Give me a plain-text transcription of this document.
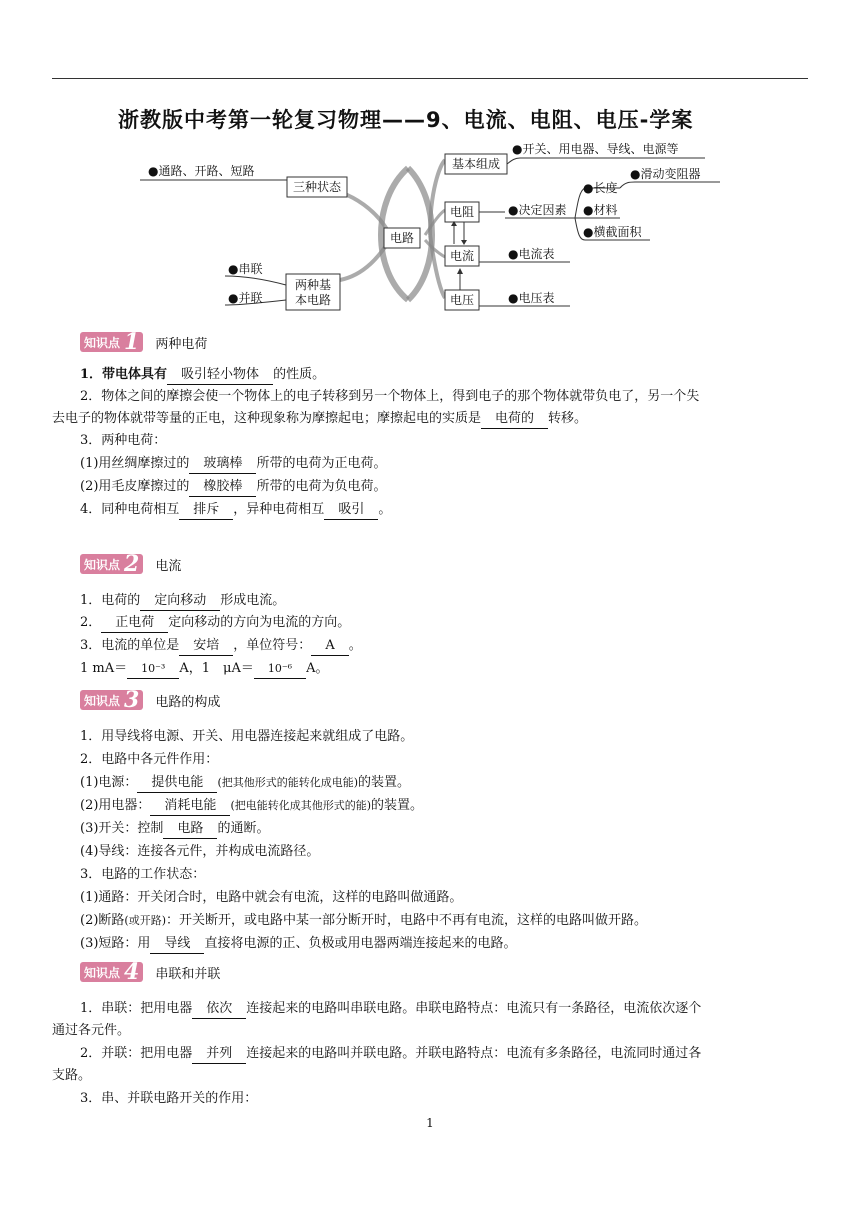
浙教版中考第一轮复习物理——9、电流、电阻、电压-学案
电路
三种状态
●通路、开路、短路
两种基
本电路
●串联
●并联
基本组成
●开关、用电器、导线、电源等
电阻	●决定因素
●长度
●滑动变阻器
●材料
●横截面积
电流	●电流表
电压	●电压表
知识点 1 两种电荷
1．带电体具有 吸引轻小物体 的性质。
2．物体之间的摩擦会使一个物体上的电子转移到另一个物体上，得到电子的那个物体就带负电了，另一个失
去电子的物体就带等量的正电，这种现象称为摩擦起电；摩擦起电的实质是 电荷的 转移。
3．两种电荷：
(1)用丝绸摩擦过的 玻璃棒 所带的电荷为正电荷。
(2)用毛皮摩擦过的 橡胶棒 所带的电荷为负电荷。
4．同种电荷相互 排斥 ，异种电荷相互 吸引 。
知识点 2 电流
1．电荷的 定向移动 形成电流。
2． 正电荷 定向移动的方向为电流的方向。
3．电流的单位是 安培 ，单位符号： A 。
1 mA＝ 10⁻³ A，1　μA＝ 10⁻⁶ A。
知识点 3 电路的构成
1．用导线将电源、开关、用电器连接起来就组成了电路。
2．电路中各元件作用：
(1)电源： 提供电能 (把其他形式的能转化成电能)的装置。
(2)用电器： 消耗电能 (把电能转化成其他形式的能)的装置。
(3)开关：控制 电路 的通断。
(4)导线：连接各元件，并构成电流路径。
3．电路的工作状态：
(1)通路：开关闭合时，电路中就会有电流，这样的电路叫做通路。
(2)断路(或开路)：开关断开，或电路中某一部分断开时，电路中不再有电流，这样的电路叫做开路。
(3)短路：用 导线 直接将电源的正、负极或用电器两端连接起来的电路。
知识点 4 串联和并联
1．串联：把用电器 依次 连接起来的电路叫串联电路。串联电路特点：电流只有一条路径，电流依次逐个
通过各元件。
2．并联：把用电器 并列 连接起来的电路叫并联电路。并联电路特点：电流有多条路径，电流同时通过各
支路。
3．串、并联电路开关的作用：
1
